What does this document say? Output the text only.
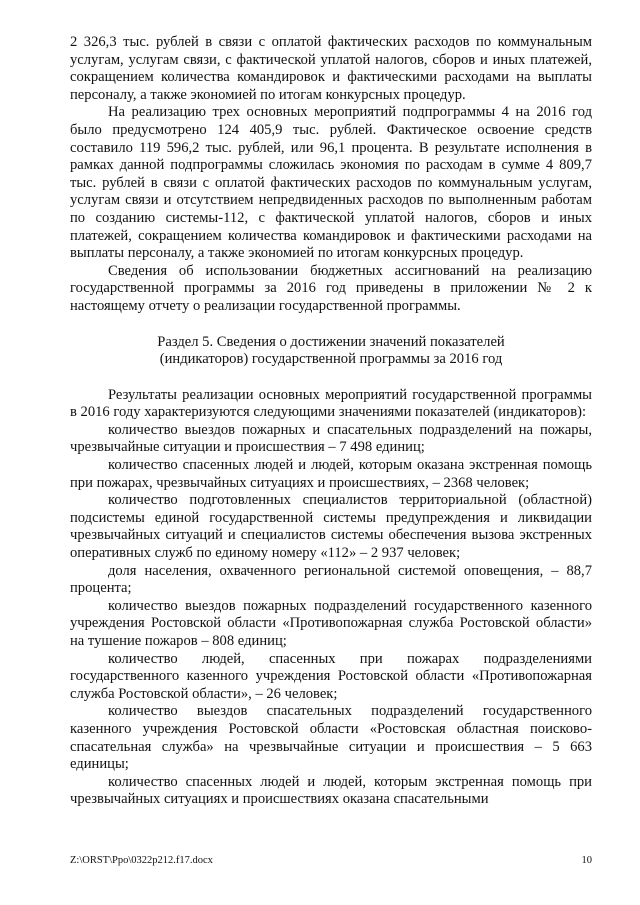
2 326,3 тыс. рублей в связи с оплатой фактических расходов по коммунальным услугам, услугам связи, с фактической уплатой налогов, сборов и иных платежей, сокращением количества командировок и фактическими расходами на выплаты персоналу, а также экономией по итогам конкурсных процедур.

На реализацию трех основных мероприятий подпрограммы 4 на 2016 год было предусмотрено 124 405,9 тыс. рублей. Фактическое освоение средств составило 119 596,2 тыс. рублей, или 96,1 процента. В результате исполнения в рамках данной подпрограммы сложилась экономия по расходам в сумме 4 809,7 тыс. рублей в связи с оплатой фактических расходов по коммунальным услугам, услугам связи и отсутствием непредвиденных расходов по выполненным работам по созданию системы-112, с фактической уплатой налогов, сборов и иных платежей, сокращением количества командировок и фактическими расходами на выплаты персоналу, а также экономией по итогам конкурсных процедур.

Сведения об использовании бюджетных ассигнований на реализацию государственной программы за 2016 год приведены в приложении № 2 к настоящему отчету о реализации государственной программы.

Раздел 5. Сведения о достижении значений показателей
(индикаторов) государственной программы за 2016 год

Результаты реализации основных мероприятий государственной программы в 2016 году характеризуются следующими значениями показателей (индикаторов):

количество выездов пожарных и спасательных подразделений на пожары, чрезвычайные ситуации и происшествия – 7 498 единиц;

количество спасенных людей и людей, которым оказана экстренная помощь при пожарах, чрезвычайных ситуациях и происшествиях, – 2368 человек;

количество подготовленных специалистов территориальной (областной) подсистемы единой государственной системы предупреждения и ликвидации чрезвычайных ситуаций и специалистов системы обеспечения вызова экстренных оперативных служб по единому номеру «112» – 2 937 человек;

доля населения, охваченного региональной системой оповещения, – 88,7 процента;

количество выездов пожарных подразделений государственного казенного учреждения Ростовской области «Противопожарная служба Ростовской области» на тушение пожаров – 808 единиц;

количество людей, спасенных при пожарах подразделениями государственного казенного учреждения Ростовской области «Противопожарная служба Ростовской области», – 26 человек;

количество выездов спасательных подразделений государственного казенного учреждения Ростовской области «Ростовская областная поисково-спасательная служба» на чрезвычайные ситуации и происшествия – 5 663 единицы;

количество спасенных людей и людей, которым экстренная помощь при чрезвычайных ситуациях и происшествиях оказана спасательными

Z:\ORST\Ppo\0322p212.f17.docx	10
